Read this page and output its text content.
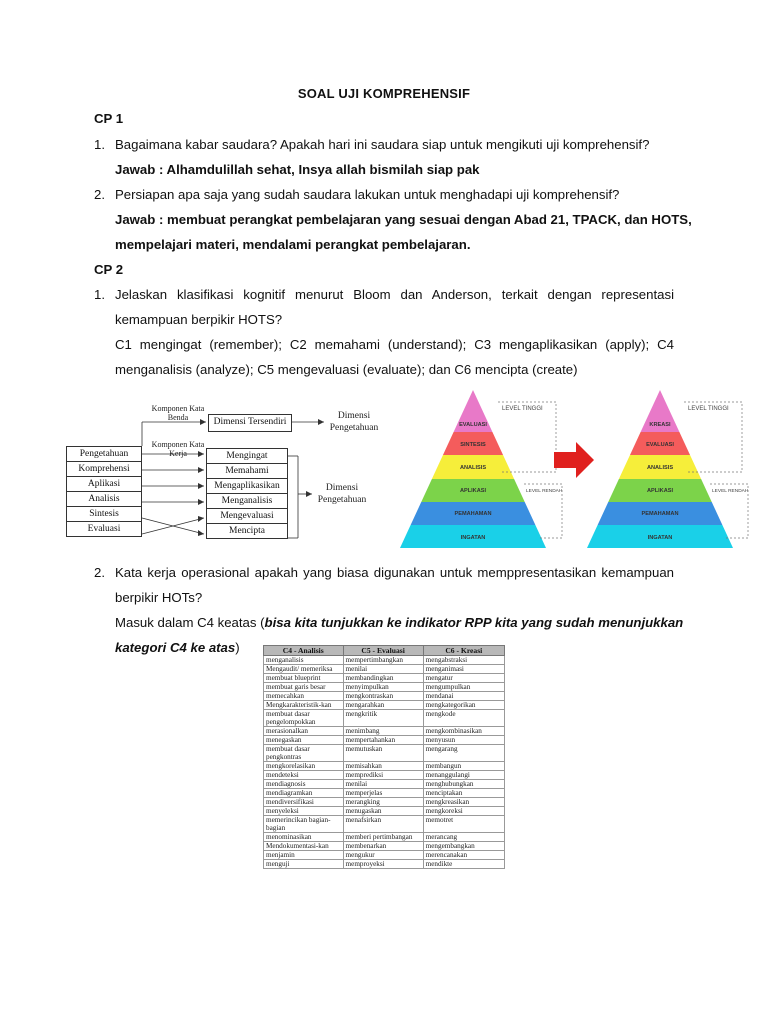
SOAL UJI KOMPREHENSIF
CP 1
1. Bagaimana kabar saudara? Apakah hari ini saudara siap untuk mengikuti uji komprehensif?
Jawab : Alhamdulillah sehat, Insya allah bismilah siap pak
2. Persiapan apa saja yang sudah saudara lakukan untuk menghadapi uji komprehensif?
Jawab : membuat perangkat pembelajaran yang sesuai dengan Abad 21, TPACK, dan HOTS,
mempelajari materi, mendalami perangkat pembelajaran.
CP 2
1. Jelaskan klasifikasi kognitif menurut Bloom dan Anderson, terkait dengan representasi
kemampuan berpikir HOTS?
C1 mengingat (remember); C2 memahami (understand); C3 mengaplikasikan (apply); C4
menganalisis (analyze); C5 mengevaluasi (evaluate); dan C6 mencipta (create)
Komponen Kata Benda	Dimensi Tersendiri
Dimensi Pengetahuan
Komponen Kata Kerja
Pengetahuan
Komprehensi
Aplikasi
Analisis
Sintesis
Evaluasi
Mengingat
Memahami
Mengaplikasikan
Menganalisis
Mengevaluasi
Mencipta
Dimensi Pengetahuan
EVALUASI
SINTESIS
ANALISIS
APLIKASI
PEMAHAMAN
INGATAN
KREASI
EVALUASI
ANALISIS
APLIKASI
PEMAHAMAN
INGATAN
LEVEL TINGGI
LEVEL RENDAH
LEVEL TINGGI
LEVEL RENDAH
2. Kata kerja operasional apakah yang biasa digunakan untuk memppresentasikan kemampuan
berpikir HOTs?
Masuk dalam C4 keatas ( bisa kita tunjukkan ke indikator RPP kita yang sudah menunjukkan
kategori C4 ke atas)	C4 - Analisis	C5 - Evaluasi	C6 - Kreasi
menganalisis	mempertimbangkan	mengabstraksi
Mengaudit/ memeriksa	menilai	menganimasi
membuat blueprint	membandingkan	mengatur
membuat garis besar	menyimpulkan	mengumpulkan
memecahkan	mengkontraskan	mendanai
Mengkarakteristik-kan	mengarahkan	mengkategorikan
membuat dasar pengelompokkan	mengkritik	mengkode
merasionalkan	menimbang	mengkombinasikan
menegaskan	mempertahankan	menyusun
membuat dasar pengkontras	memutuskan	mengarang
mengkorelasikan	memisahkan	membangun
mendeteksi	memprediksi	menanggulangi
mendiagnosis	menilai	menghubungkan
mendiagramkan	memperjelas	menciptakan
mendiversifikasi	merangking	mengkreasikan
menyeleksi	menugaskan	mengkoreksi
memerincikan bagian-bagian	menafsirkan	memotret
menominasikan	memberi pertimbangan	merancang
Mendokumentasi-kan	membenarkan	mengembangkan
menjamin	mengukur	merencanakan
menguji	memproyeksi	mendikte
